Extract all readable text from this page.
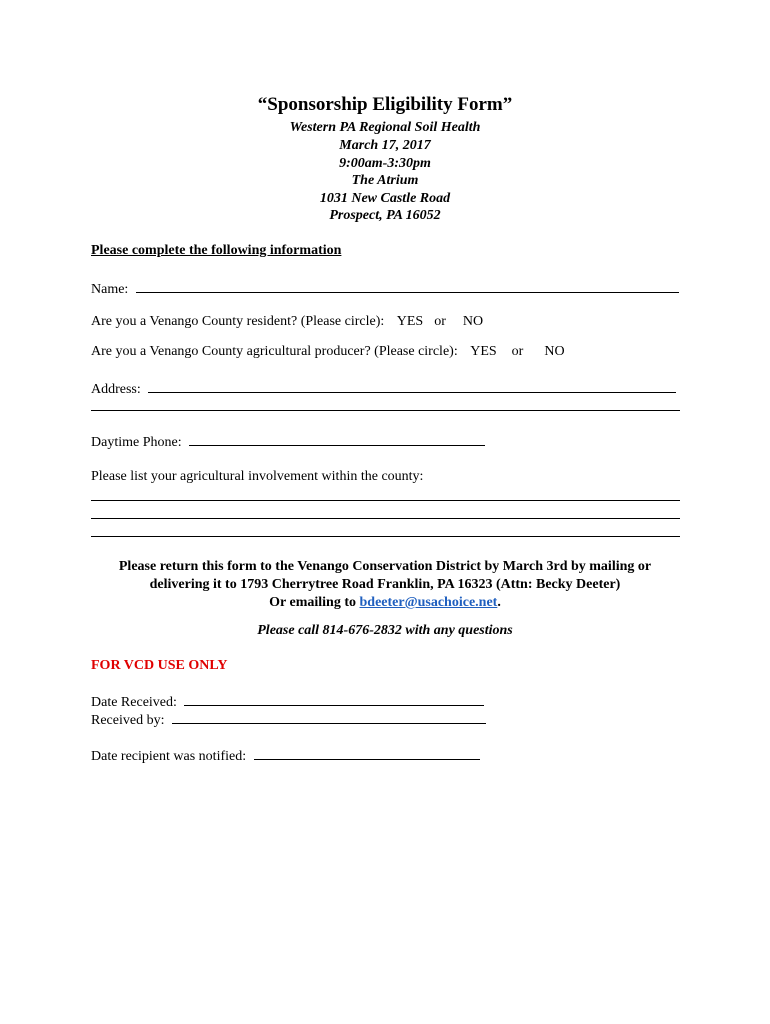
“Sponsorship Eligibility Form”
Western PA Regional Soil Health
March 17, 2017
9:00am-3:30pm
The Atrium
1031 New Castle Road
Prospect, PA 16052
Please complete the following information
Name:
Are you a Venango County resident? (Please circle): YES or NO
Are you a Venango County agricultural producer? (Please circle): YES or NO
Address:
Daytime Phone:
Please list your agricultural involvement within the county:
Please return this form to the Venango Conservation District by March 3rd by mailing or
delivering it to 1793 Cherrytree Road Franklin, PA 16323 (Attn: Becky Deeter)
Or emailing to bdeeter@usachoice.net.
Please call 814-676-2832 with any questions
FOR VCD USE ONLY
Date Received:
Received by:
Date recipient was notified:
